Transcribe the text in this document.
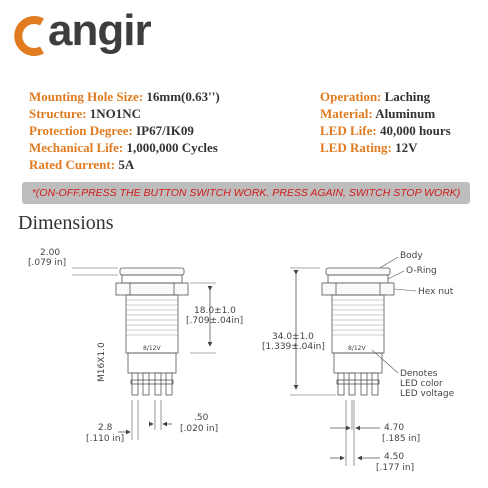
angir
Mounting Hole Size: 16mm(0.63'')
Structure: 1NO1NC
Protection Degree: IP67/IK09
Mechanical Life: 1,000,000 Cycles
Rated Current: 5A
Operation: Laching
Material: Aluminum
LED Life: 40,000 hours
LED Rating: 12V
*(ON-OFF.PRESS THE BUTTON SWITCH WORK. PRESS AGAIN, SWITCH STOP WORK)
Dimensions
2.00
[.079 in]
18.0±1.0
[.709±.04in]
M16X1.0	8/12V
2.8
[.110 in]
.50
[.020 in]
Body
O-Ring
Hex nut
34.0±1.0
[1.339±.04in]	8/12V
Denotes
LED color
LED voltage
4.70
[.185 in]
4.50
[.177 in]
